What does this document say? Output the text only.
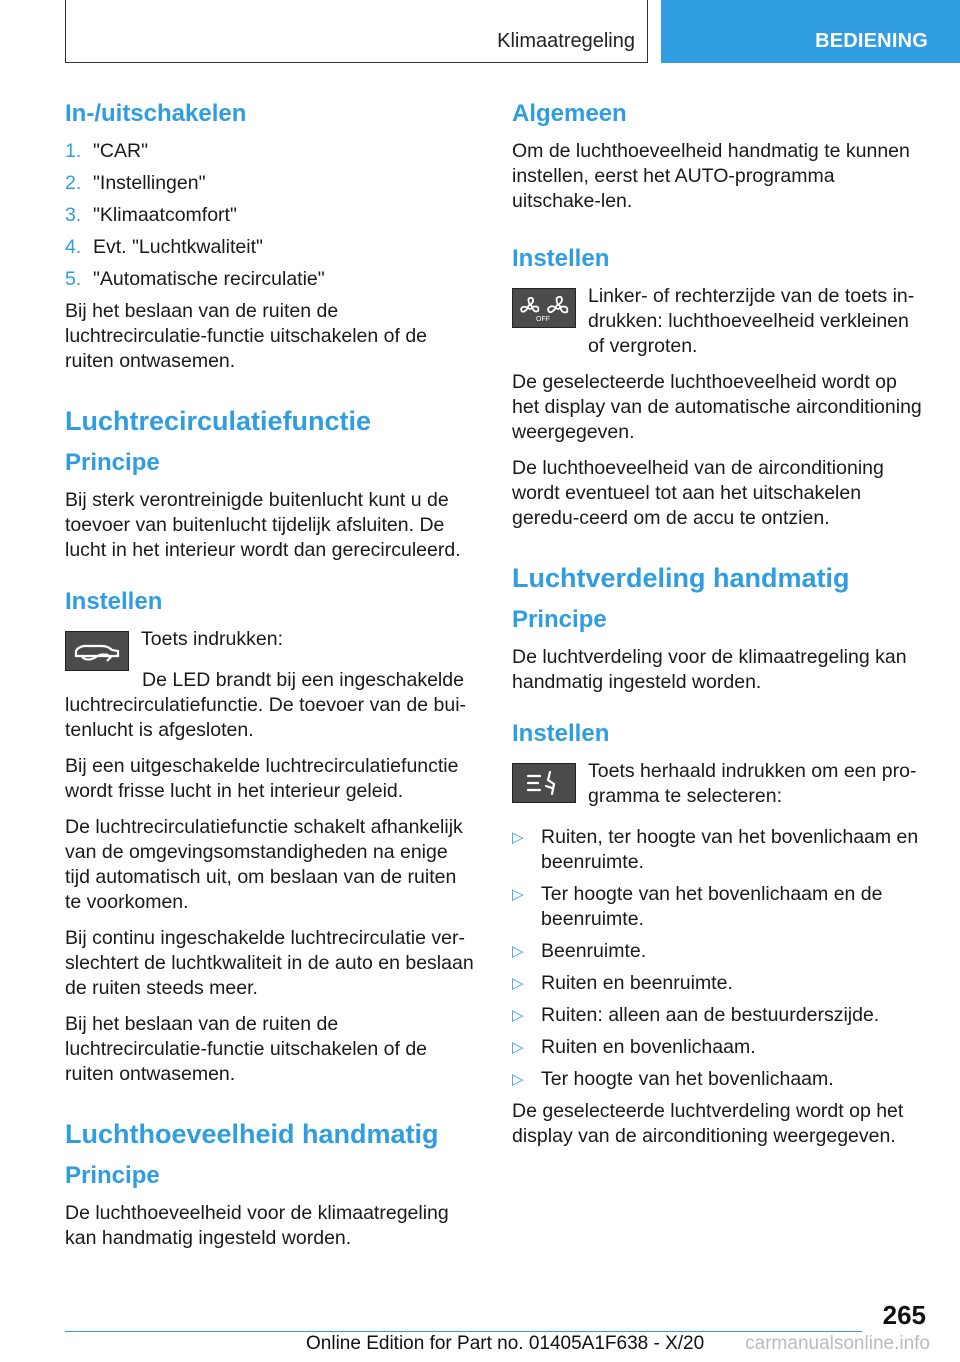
Klimaatregeling	BEDIENING
In-/uitschakelen
1. "CAR"
2. "Instellingen"
3. "Klimaatcomfort"
4. Evt. "Luchtkwaliteit"
5. "Automatische recirculatie"

Bij het beslaan van de ruiten de luchtrecirculatie-functie uitschakelen of de ruiten ontwasemen.

Luchtrecirculatiefunctie
Principe

Bij sterk verontreinigde buitenlucht kunt u de toevoer van buitenlucht tijdelijk afsluiten. De lucht in het interieur wordt dan gerecirculeerd.

Instellen

Toets indrukken:

De LED brandt bij een ingeschakelde luchtrecirculatiefunctie. De toevoer van de bui-tenlucht is afgesloten.

Bij een uitgeschakelde luchtrecirculatiefunctie wordt frisse lucht in het interieur geleid.

De luchtrecirculatiefunctie schakelt afhankelijk van de omgevingsomstandigheden na enige tijd automatisch uit, om beslaan van de ruiten te voorkomen.

Bij continu ingeschakelde luchtrecirculatie ver-slechtert de luchtkwaliteit in de auto en beslaan de ruiten steeds meer.

Bij het beslaan van de ruiten de luchtrecirculatie-functie uitschakelen of de ruiten ontwasemen.

Luchthoeveelheid handmatig
Principe

De luchthoeveelheid voor de klimaatregeling kan handmatig ingesteld worden.

Algemeen

Om de luchthoeveelheid handmatig te kunnen instellen, eerst het AUTO-programma uitschake-len.

Instellen
OFF

Linker- of rechterzijde van de toets in-drukken: luchthoeveelheid verkleinen of vergroten.

De geselecteerde luchthoeveelheid wordt op het display van de automatische airconditioning weergegeven.

De luchthoeveelheid van de airconditioning wordt eventueel tot aan het uitschakelen geredu-ceerd om de accu te ontzien.

Luchtverdeling handmatig
Principe

De luchtverdeling voor de klimaatregeling kan handmatig ingesteld worden.

Instellen

Toets herhaald indrukken om een pro-gramma te selecteren:

▷ Ruiten, ter hoogte van het bovenlichaam en beenruimte.
▷ Ter hoogte van het bovenlichaam en de beenruimte.
▷ Beenruimte.
▷ Ruiten en beenruimte.
▷ Ruiten: alleen aan de bestuurderszijde.
▷ Ruiten en bovenlichaam.
▷ Ter hoogte van het bovenlichaam.

De geselecteerde luchtverdeling wordt op het display van de airconditioning weergegeven.

265
Online Edition for Part no. 01405A1F638 - X/20 carmanualsonline.info
